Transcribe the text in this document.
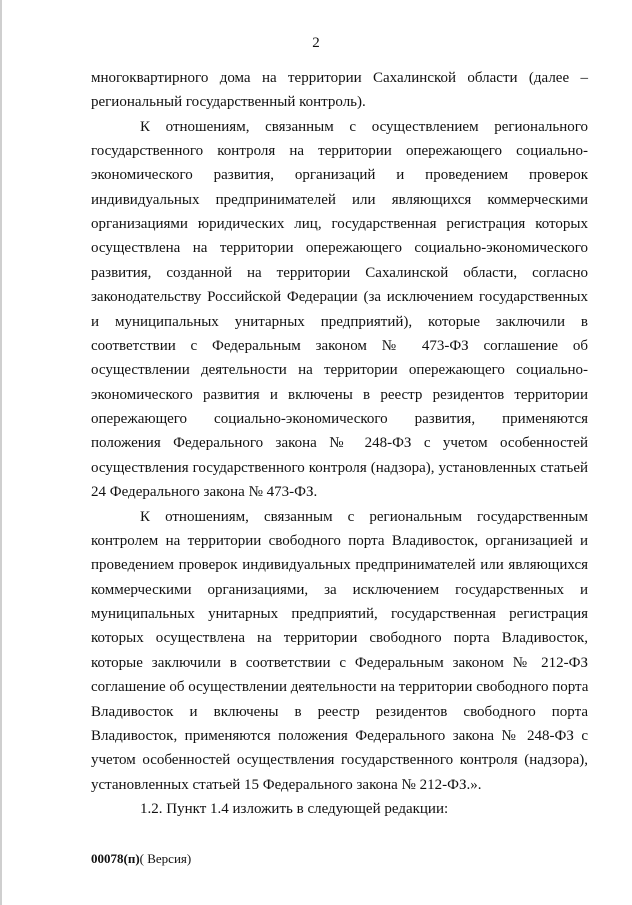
2
многоквартирного дома на территории Сахалинской области (далее –
региональный государственный контроль).
К отношениям, связанным с осуществлением регионального
государственного контроля на территории опережающего социально-
экономического развития, организаций и проведением проверок
индивидуальных предпринимателей или являющихся коммерческими
организациями юридических лиц, государственная регистрация которых
осуществлена на территории опережающего социально-экономического
развития, созданной на территории Сахалинской области, согласно
законодательству Российской Федерации (за исключением государственных
и муниципальных унитарных предприятий), которые заключили в
соответствии с Федеральным законом № 473-ФЗ соглашение об
осуществлении деятельности на территории опережающего социально-
экономического развития и включены в реестр резидентов территории
опережающего социально-экономического развития, применяются
положения Федерального закона № 248-ФЗ с учетом особенностей
осуществления государственного контроля (надзора), установленных статьей
24 Федерального закона № 473-ФЗ.
К отношениям, связанным с региональным государственным
контролем на территории свободного порта Владивосток, организацией и
проведением проверок индивидуальных предпринимателей или являющихся
коммерческими организациями, за исключением государственных и
муниципальных унитарных предприятий, государственная регистрация
которых осуществлена на территории свободного порта Владивосток,
которые заключили в соответствии с Федеральным законом № 212-ФЗ
соглашение об осуществлении деятельности на территории свободного порта
Владивосток и включены в реестр резидентов свободного порта
Владивосток, применяются положения Федерального закона № 248-ФЗ с
учетом особенностей осуществления государственного контроля (надзора),
установленных статьей 15 Федерального закона № 212-ФЗ.».
1.2. Пункт 1.4 изложить в следующей редакции:
00078(п)( Версия)
